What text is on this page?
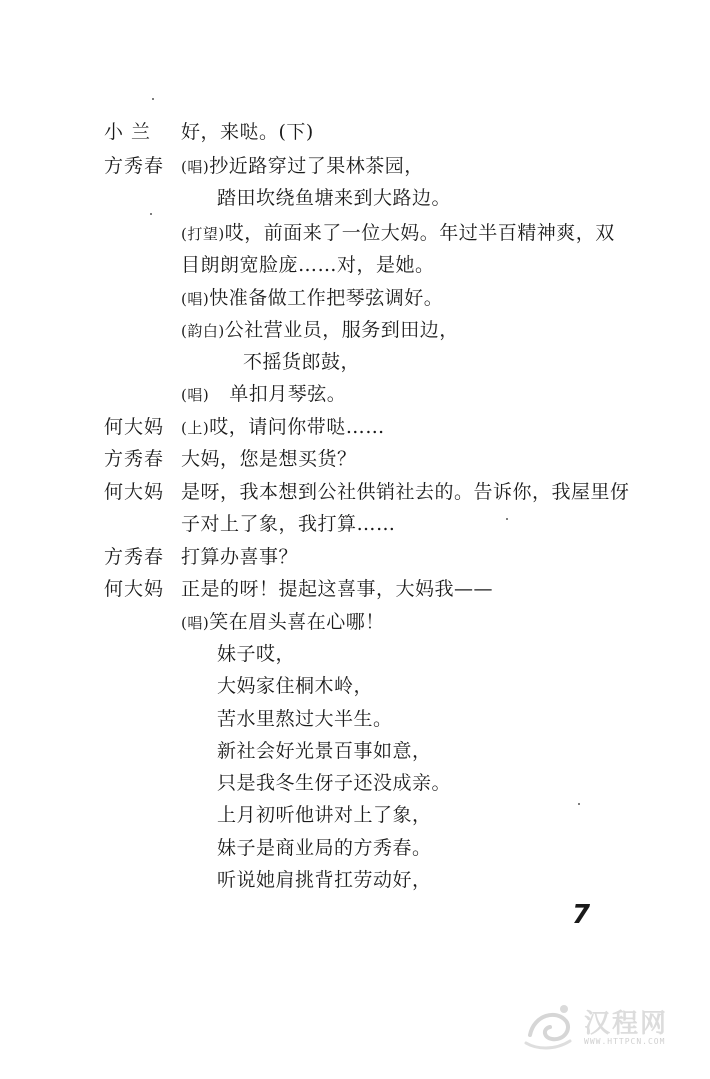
小 兰 好，来哒。(下)
方秀春 (唱)抄近路穿过了果林茶园，
踏田坎绕鱼塘来到大路边。
(打望)哎，前面来了一位大妈。年过半百精神爽，双
目朗朗宽脸庞……对，是她。
(唱)快准备做工作把琴弦调好。
(韵白)公社营业员，服务到田边，
不摇货郎鼓，
(唱) 单扣月琴弦。
何大妈 (上)哎，请问你带哒……
方秀春 大妈，您是想买货？
何大妈 是呀，我本想到公社供销社去的。告诉你，我屋里伢
子对上了象，我打算……
方秀春 打算办喜事？
何大妈 正是的呀！提起这喜事，大妈我——
(唱)笑在眉头喜在心哪！
妹子哎，
大妈家住桐木岭，
苦水里熬过大半生。
新社会好光景百事如意，
只是我冬生伢子还没成亲。
上月初听他讲对上了象，
妹子是商业局的方秀春。
听说她肩挑背扛劳动好，
7
汉程网
WWW.HTTPCN.COM
